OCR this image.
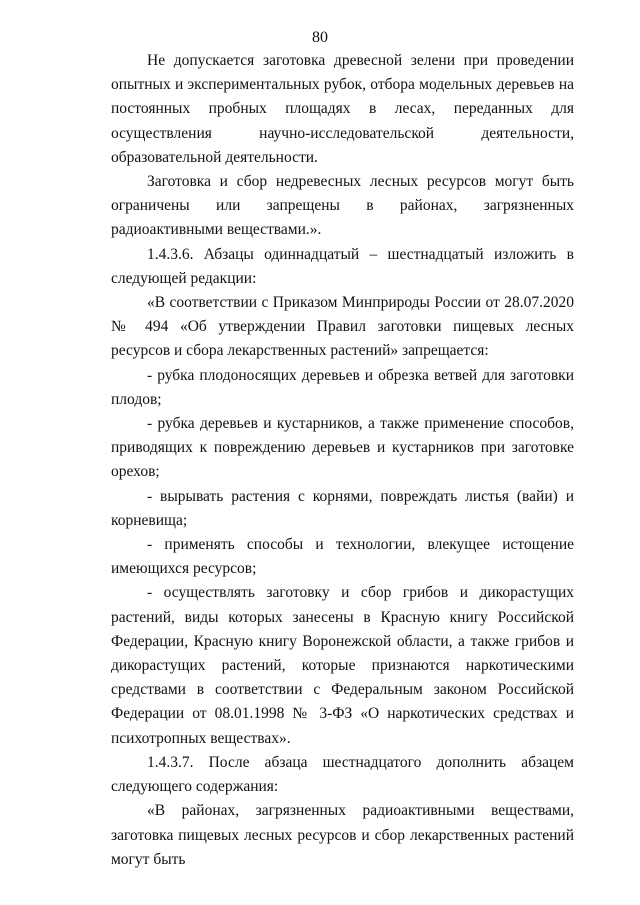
80

Не допускается заготовка древесной зелени при проведении опытных и экспериментальных рубок, отбора модельных деревьев на постоянных пробных площадях в лесах, переданных для осуществления научно-исследовательской деятельности, образовательной деятельности.

Заготовка и сбор недревесных лесных ресурсов могут быть ограничены или запрещены в районах, загрязненных радиоактивными веществами.».

1.4.3.6. Абзацы одиннадцатый – шестнадцатый изложить в следующей редакции:

«В соответствии с Приказом Минприроды России от 28.07.2020 № 494 «Об утверждении Правил заготовки пищевых лесных ресурсов и сбора лекарственных растений» запрещается:

- рубка плодоносящих деревьев и обрезка ветвей для заготовки плодов;

- рубка деревьев и кустарников, а также применение способов, приводящих к повреждению деревьев и кустарников при заготовке орехов;

- вырывать растения с корнями, повреждать листья (вайи) и корневища;

- применять способы и технологии, влекущее истощение имеющихся ресурсов;

- осуществлять заготовку и сбор грибов и дикорастущих растений, виды которых занесены в Красную книгу Российской Федерации, Красную книгу Воронежской области, а также грибов и дикорастущих растений, которые признаются наркотическими средствами в соответствии с Федеральным законом Российской Федерации от 08.01.1998 № 3-ФЗ «О наркотических средствах и психотропных веществах».

1.4.3.7. После абзаца шестнадцатого дополнить абзацем следующего содержания:

«В районах, загрязненных радиоактивными веществами, заготовка пищевых лесных ресурсов и сбор лекарственных растений могут быть
